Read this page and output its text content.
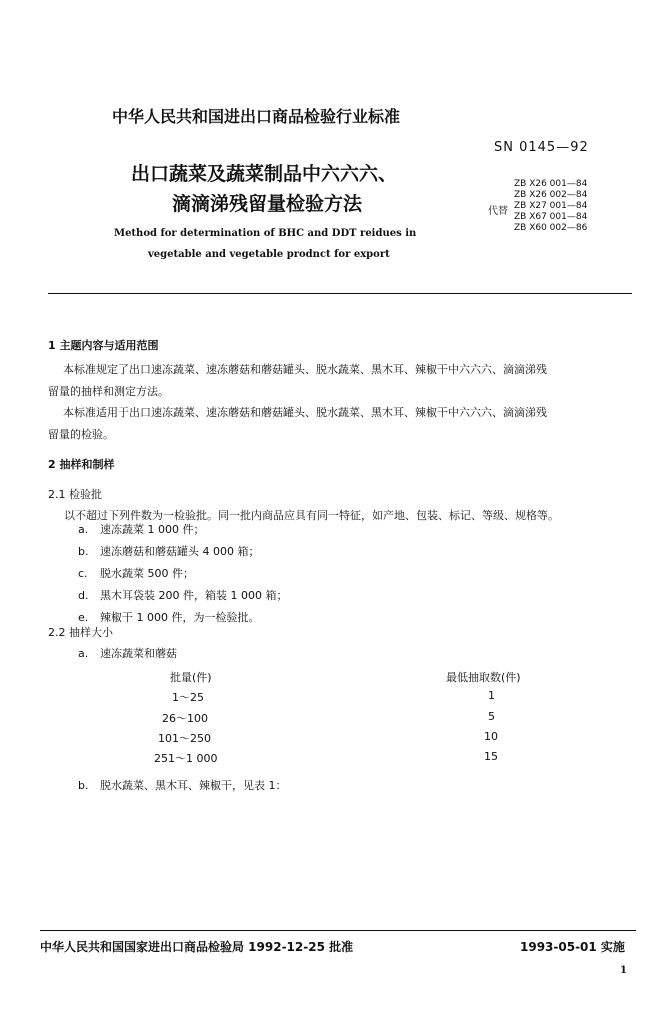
中华人民共和国进出口商品检验行业标准
SN 0145—92
出口蔬菜及蔬菜制品中六六六、
滴滴涕残留量检验方法
Method for determination of BHC and DDT reidues in
vegetable and vegetable prodnct for export
代替
ZB X26 001—84
ZB X26 002—84
ZB X27 001—84
ZB X67 001—84
ZB X60 002—86
1 主题内容与适用范围
本标准规定了出口速冻蔬菜、速冻蘑菇和蘑菇罐头、脱水蔬菜、黑木耳、辣椒干中六六六、滴滴涕残
留量的抽样和测定方法。
本标准适用于出口速冻蔬菜、速冻蘑菇和蘑菇罐头、脱水蔬菜、黑木耳、辣椒干中六六六、滴滴涕残
留量的检验。
2 抽样和制样
2.1 检验批
以不超过下列件数为一检验批。同一批内商品应具有同一特征，如产地、包装、标记、等级、规格等。
a. 速冻蔬菜 1 000 件；
b. 速冻蘑菇和蘑菇罐头 4 000 箱；
c. 脱水蔬菜 500 件；
d. 黑木耳袋装 200 件，箱装 1 000 箱；
e. 辣椒干 1 000 件，为一检验批。
2.2 抽样大小
a. 速冻蔬菜和蘑菇
批量(件)	最低抽取数(件)
1～25	1
26～100	5
101～250	10
251～1 000	15
b. 脱水蔬菜、黑木耳、辣椒干，见表 1：
中华人民共和国国家进出口商品检验局 1992-12-25 批准	1993-05-01 实施
1
